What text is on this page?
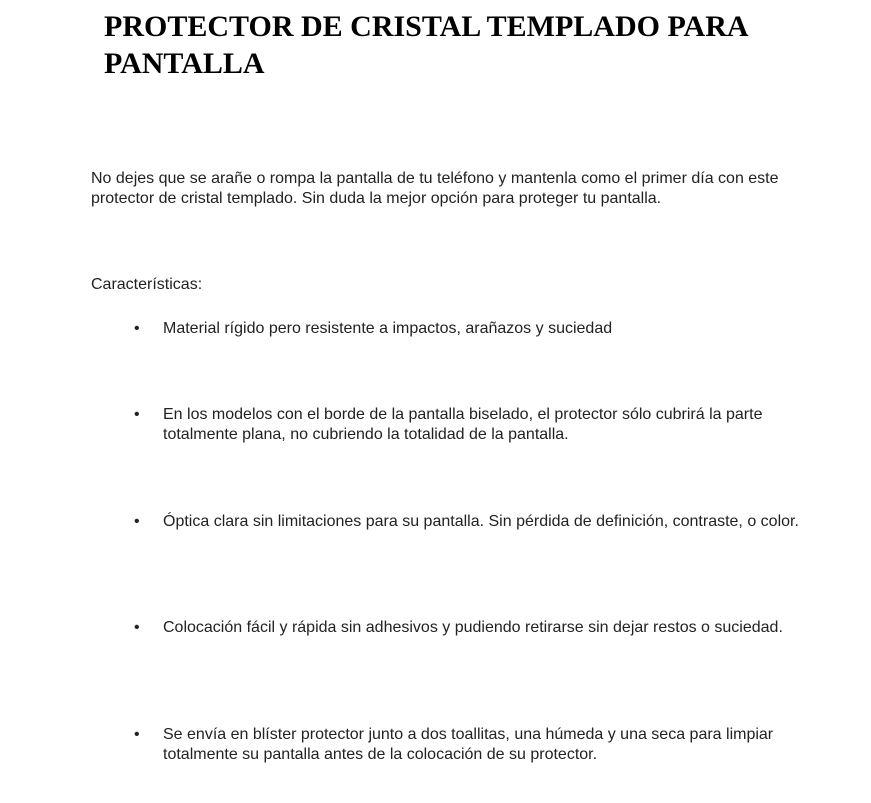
PROTECTOR DE CRISTAL TEMPLADO PARA PANTALLA

No dejes que se arañe o rompa la pantalla de tu teléfono y mantenla como el primer día con este protector de cristal templado. Sin duda la mejor opción para proteger tu pantalla.

Características:

• Material rígido pero resistente a impactos, arañazos y suciedad
• En los modelos con el borde de la pantalla biselado, el protector sólo cubrirá la parte totalmente plana, no cubriendo la totalidad de la pantalla.
• Óptica clara sin limitaciones para su pantalla. Sin pérdida de definición, contraste, o color.
• Colocación fácil y rápida sin adhesivos y pudiendo retirarse sin dejar restos o suciedad.
• Se envía en blíster protector junto a dos toallitas, una húmeda y una seca para limpiar totalmente su pantalla antes de la colocación de su protector.
